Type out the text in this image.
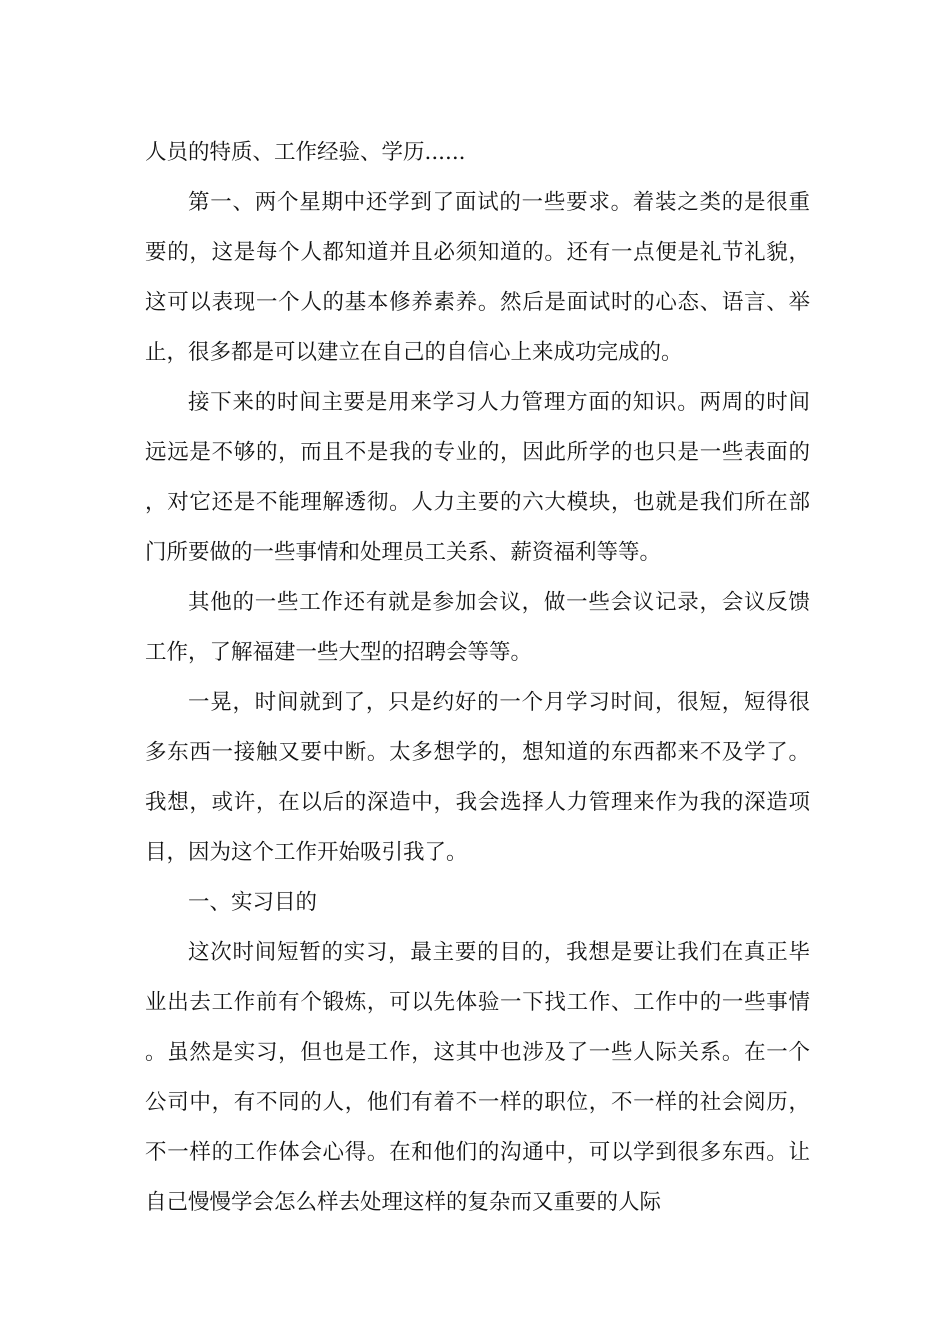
人员的特质、工作经验、学历......

第一、两个星期中还学到了面试的一些要求。着装之类的是很重要的，这是每个人都知道并且必须知道的。还有一点便是礼节礼貌，这可以表现一个人的基本修养素养。然后是面试时的心态、语言、举止，很多都是可以建立在自己的自信心上来成功完成的。

接下来的时间主要是用来学习人力管理方面的知识。两周的时间远远是不够的，而且不是我的专业的，因此所学的也只是一些表面的，对它还是不能理解透彻。人力主要的六大模块，也就是我们所在部门所要做的一些事情和处理员工关系、薪资福利等等。

其他的一些工作还有就是参加会议，做一些会议记录，会议反馈工作，了解福建一些大型的招聘会等等。

一晃，时间就到了，只是约好的一个月学习时间，很短，短得很多东西一接触又要中断。太多想学的，想知道的东西都来不及学了。我想，或许，在以后的深造中，我会选择人力管理来作为我的深造项目，因为这个工作开始吸引我了。

一、实习目的

这次时间短暂的实习，最主要的目的，我想是要让我们在真正毕业出去工作前有个锻炼，可以先体验一下找工作、工作中的一些事情。虽然是实习，但也是工作，这其中也涉及了一些人际关系。在一个公司中，有不同的人，他们有着不一样的职位，不一样的社会阅历，不一样的工作体会心得。在和他们的沟通中，可以学到很多东西。让自己慢慢学会怎么样去处理这样的复杂而又重要的人际
